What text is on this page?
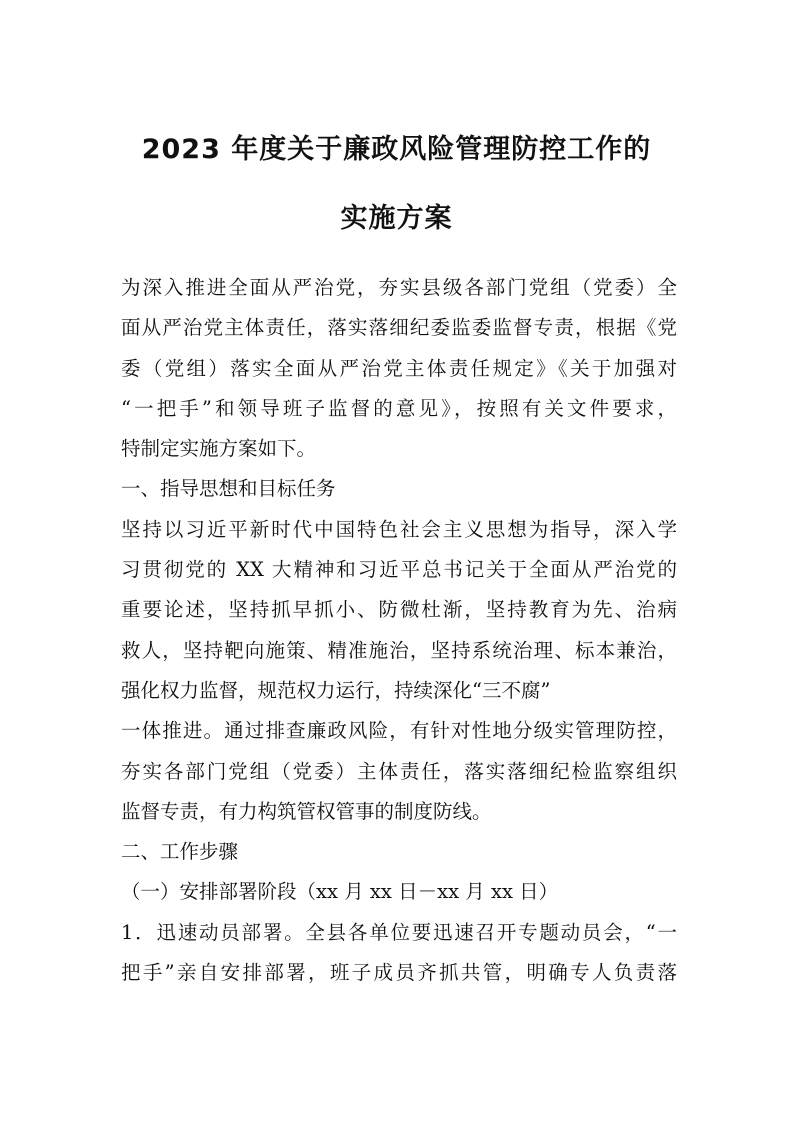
2023 年度关于廉政风险管理防控工作的
实施方案
为深入推进全面从严治党，夯实县级各部门党组（党委）全
面从严治党主体责任，落实落细纪委监委监督专责，根据《党
委（党组）落实全面从严治党主体责任规定》《关于加强对
“一把手”和领导班子监督的意见》，按照有关文件要求，
特制定实施方案如下。
一、指导思想和目标任务
坚持以习近平新时代中国特色社会主义思想为指导，深入学
习贯彻党的 XX 大精神和习近平总书记关于全面从严治党的
重要论述，坚持抓早抓小、防微杜渐，坚持教育为先、治病
救人，坚持靶向施策、精准施治，坚持系统治理、标本兼治，
强化权力监督，规范权力运行，持续深化“三不腐”
一体推进。通过排查廉政风险，有针对性地分级实管理防控，
夯实各部门党组（党委）主体责任，落实落细纪检监察组织
监督专责，有力构筑管权管事的制度防线。
二、工作步骤
（一）安排部署阶段（xx 月 xx 日－xx 月 xx 日）
1．迅速动员部署。全县各单位要迅速召开专题动员会，“一
把手”亲自安排部署，班子成员齐抓共管，明确专人负责落
